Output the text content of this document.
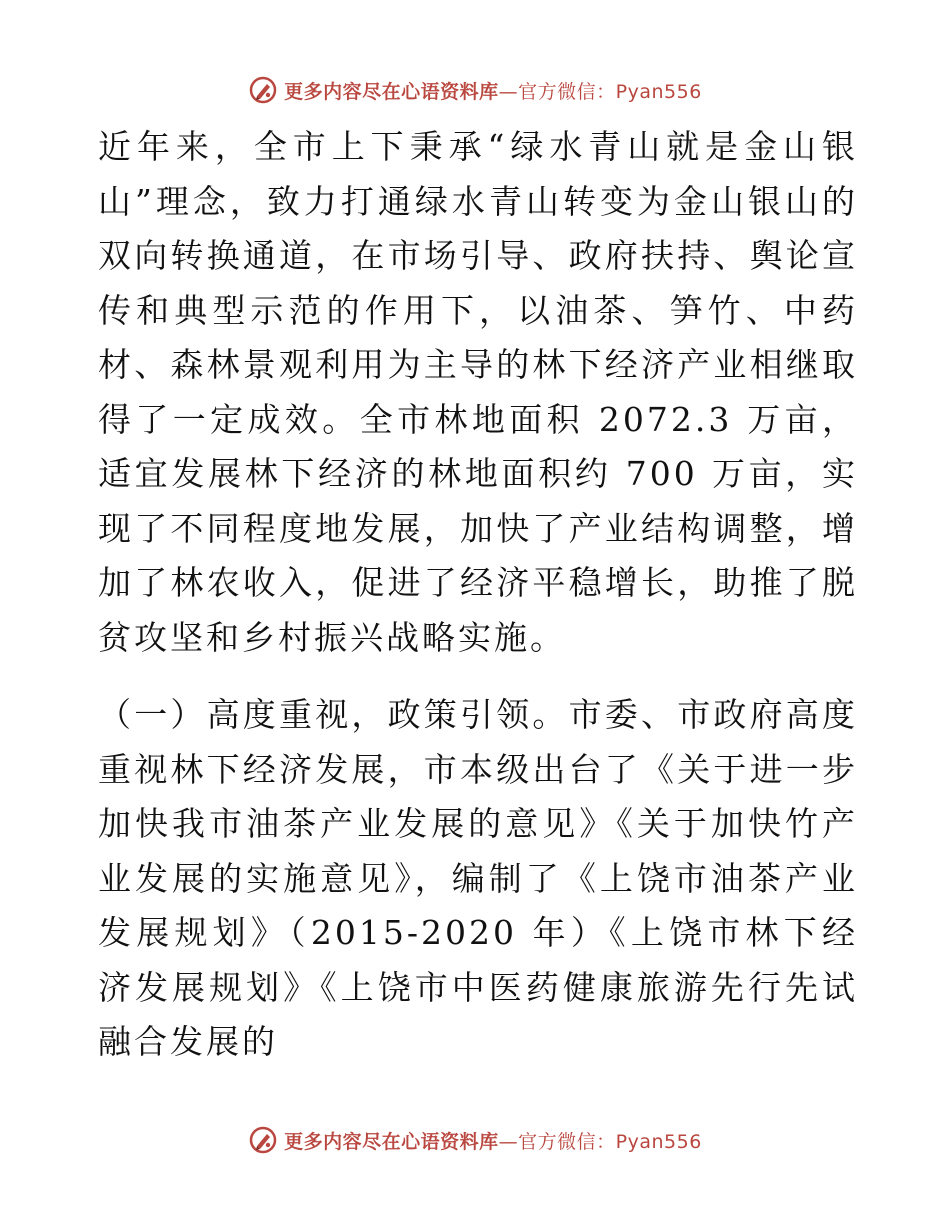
更多内容尽在心语资料库—官方微信：Pyan556

近年来，全市上下秉承“绿水青山就是金山银山”理念，致力打通绿水青山转变为金山银山的双向转换通道，在市场引导、政府扶持、舆论宣传和典型示范的作用下，以油茶、笋竹、中药材、森林景观利用为主导的林下经济产业相继取得了一定成效。全市林地面积 2072.3 万亩，适宜发展林下经济的林地面积约 700 万亩，实现了不同程度地发展，加快了产业结构调整，增加了林农收入，促进了经济平稳增长，助推了脱贫攻坚和乡村振兴战略实施。

（一）高度重视，政策引领。市委、市政府高度重视林下经济发展，市本级出台了《关于进一步加快我市油茶产业发展的意见》《关于加快竹产业发展的实施意见》，编制了《上饶市油茶产业发展规划》（2015-2020 年）《上饶市林下经济发展规划》《上饶市中医药健康旅游先行先试融合发展的

更多内容尽在心语资料库—官方微信：Pyan556
